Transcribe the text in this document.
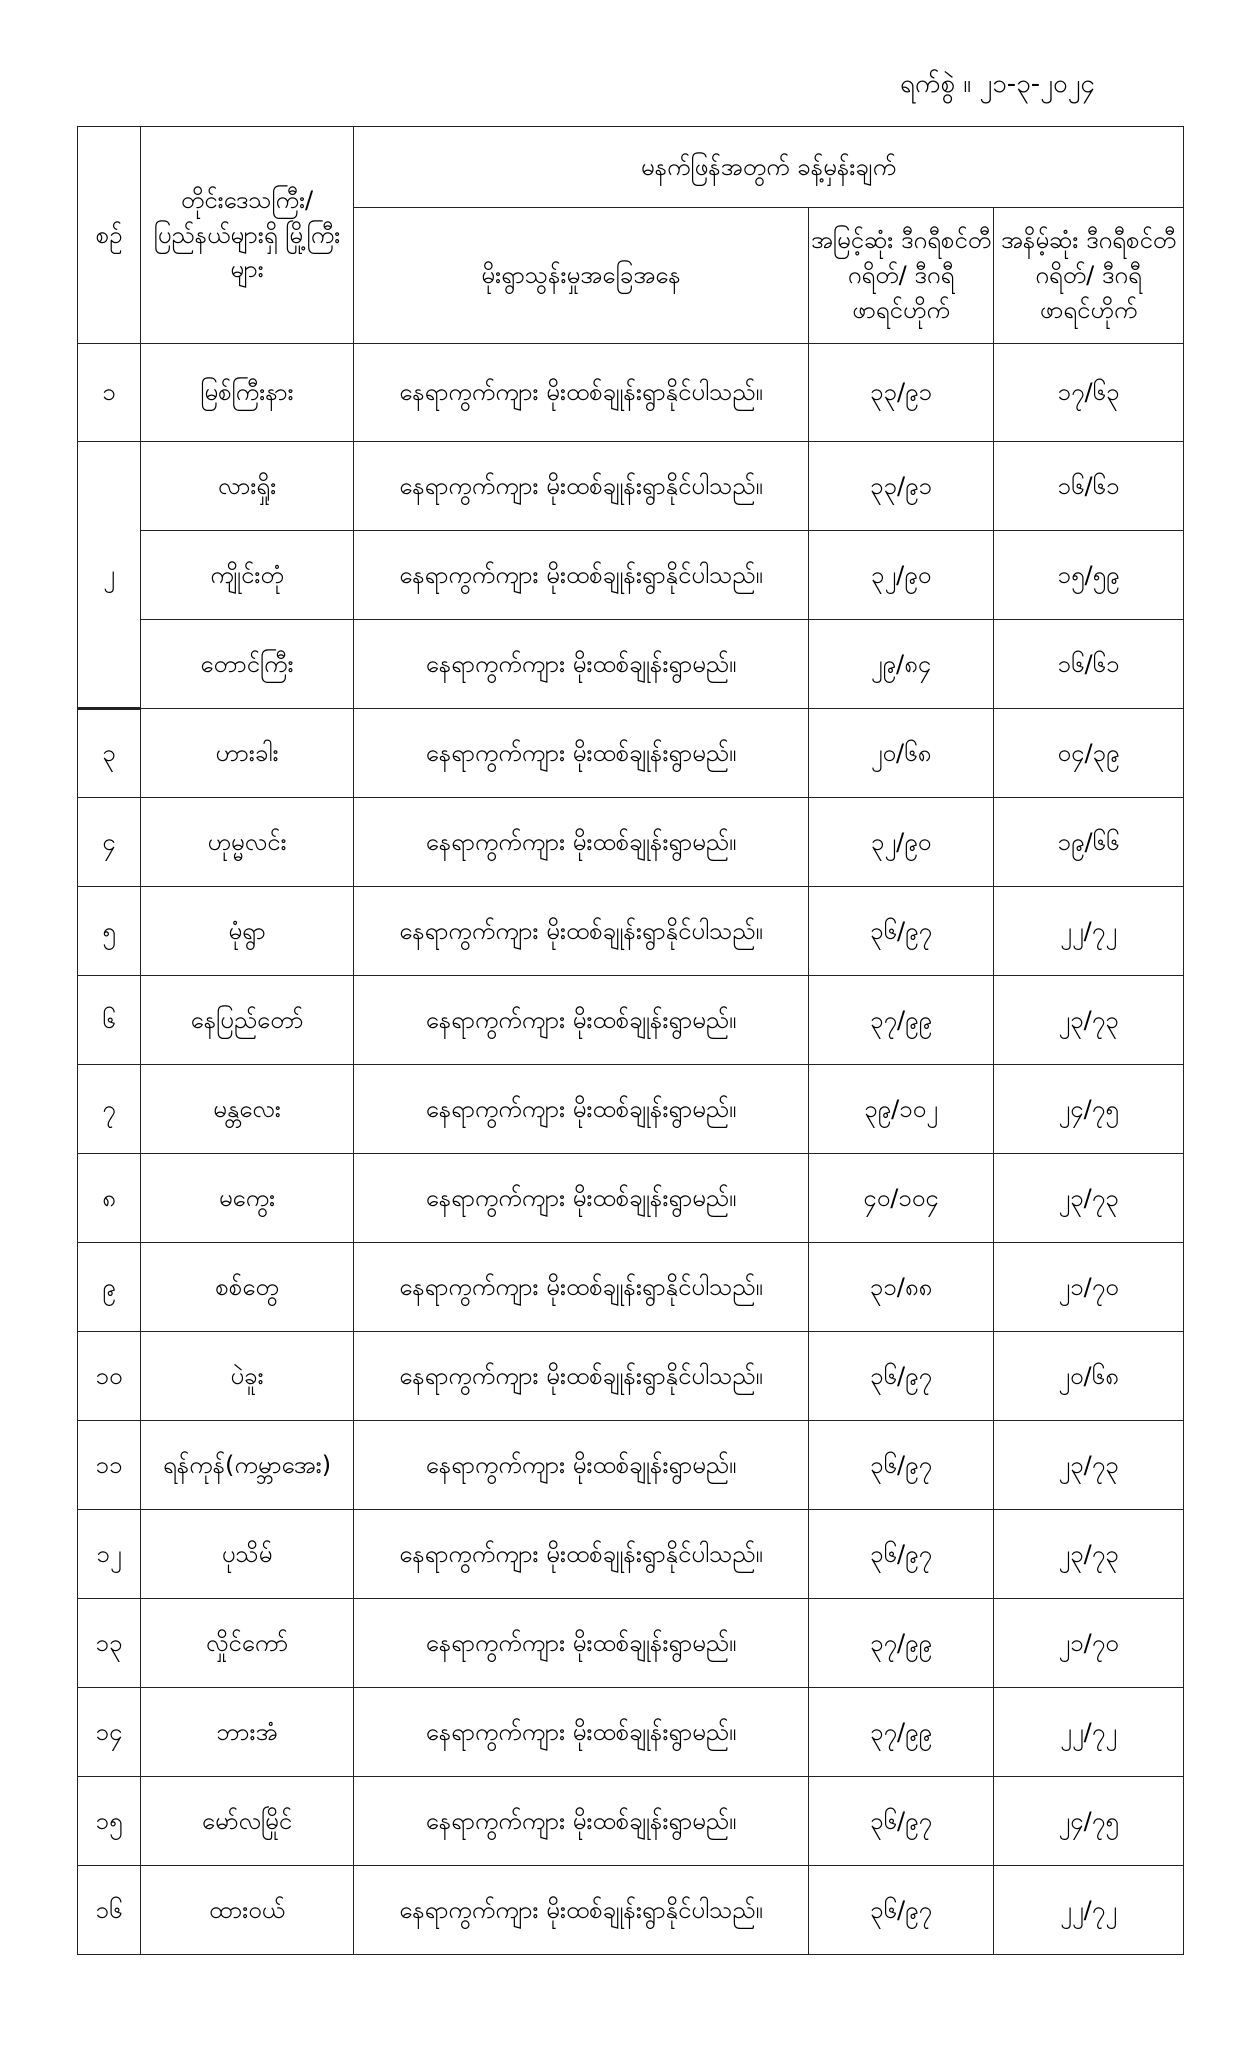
ရက်စွဲ ။ ၂၁-၃-၂၀၂၄
စဉ်	တိုင်းဒေသကြီး/ ပြည်နယ်များရှိ မြို့ကြီးများ	မနက်ဖြန်အတွက် ခန့်မှန်းချက်		
		မိုးရွာသွန်းမှုအခြေအနေ	အမြင့်ဆုံး ဒီဂရီစင်တီဂရိတ်/ ဒီဂရီဖာရင်ဟိုက်	အနိမ့်ဆုံး ဒီဂရီစင်တီဂရိတ်/ ဒီဂရီဖာရင်ဟိုက်
၁	မြစ်ကြီးနား	နေရာကွက်ကျား မိုးထစ်ချုန်းရွာနိုင်ပါသည်။	၃၃/၉၁	၁၇/၆၃
၂	လားရှိုး	နေရာကွက်ကျား မိုးထစ်ချုန်းရွာနိုင်ပါသည်။	၃၃/၉၁	၁၆/၆၁
	ကျိုင်းတုံ	နေရာကွက်ကျား မိုးထစ်ချုန်းရွာနိုင်ပါသည်။	၃၂/၉၀	၁၅/၅၉
	တောင်ကြီး	နေရာကွက်ကျား မိုးထစ်ချုန်းရွာမည်။	၂၉/၈၄	၁၆/၆၁
၃	ဟားခါး	နေရာကွက်ကျား မိုးထစ်ချုန်းရွာမည်။	၂၀/၆၈	၀၄/၃၉
၄	ဟုမ္မလင်း	နေရာကွက်ကျား မိုးထစ်ချုန်းရွာမည်။	၃၂/၉၀	၁၉/၆၆
၅	မုံရွာ	နေရာကွက်ကျား မိုးထစ်ချုန်းရွာနိုင်ပါသည်။	၃၆/၉၇	၂၂/၇၂
၆	နေပြည်တော်	နေရာကွက်ကျား မိုးထစ်ချုန်းရွာမည်။	၃၇/၉၉	၂၃/၇၃
၇	မန္တလေး	နေရာကွက်ကျား မိုးထစ်ချုန်းရွာမည်။	၃၉/၁၀၂	၂၄/၇၅
၈	မကွေး	နေရာကွက်ကျား မိုးထစ်ချုန်းရွာမည်။	၄၀/၁၀၄	၂၃/၇၃
၉	စစ်တွေ	နေရာကွက်ကျား မိုးထစ်ချုန်းရွာနိုင်ပါသည်။	၃၁/၈၈	၂၁/၇၀
၁၀	ပဲခူး	နေရာကွက်ကျား မိုးထစ်ချုန်းရွာနိုင်ပါသည်။	၃၆/၉၇	၂၀/၆၈
၁၁	ရန်ကုန်(ကမ္ဘာအေး)	နေရာကွက်ကျား မိုးထစ်ချုန်းရွာမည်။	၃၆/၉၇	၂၃/၇၃
၁၂	ပုသိမ်	နေရာကွက်ကျား မိုးထစ်ချုန်းရွာနိုင်ပါသည်။	၃၆/၉၇	၂၃/၇၃
၁၃	လှိုင်ကော်	နေရာကွက်ကျား မိုးထစ်ချုန်းရွာမည်။	၃၇/၉၉	၂၁/၇၀
၁၄	ဘားအံ	နေရာကွက်ကျား မိုးထစ်ချုန်းရွာမည်။	၃၇/၉၉	၂၂/၇၂
၁၅	မော်လမြိုင်	နေရာကွက်ကျား မိုးထစ်ချုန်းရွာမည်။	၃၆/၉၇	၂၄/၇၅
၁၆	ထားဝယ်	နေရာကွက်ကျား မိုးထစ်ချုန်းရွာနိုင်ပါသည်။	၃၆/၉၇	၂၂/၇၂
